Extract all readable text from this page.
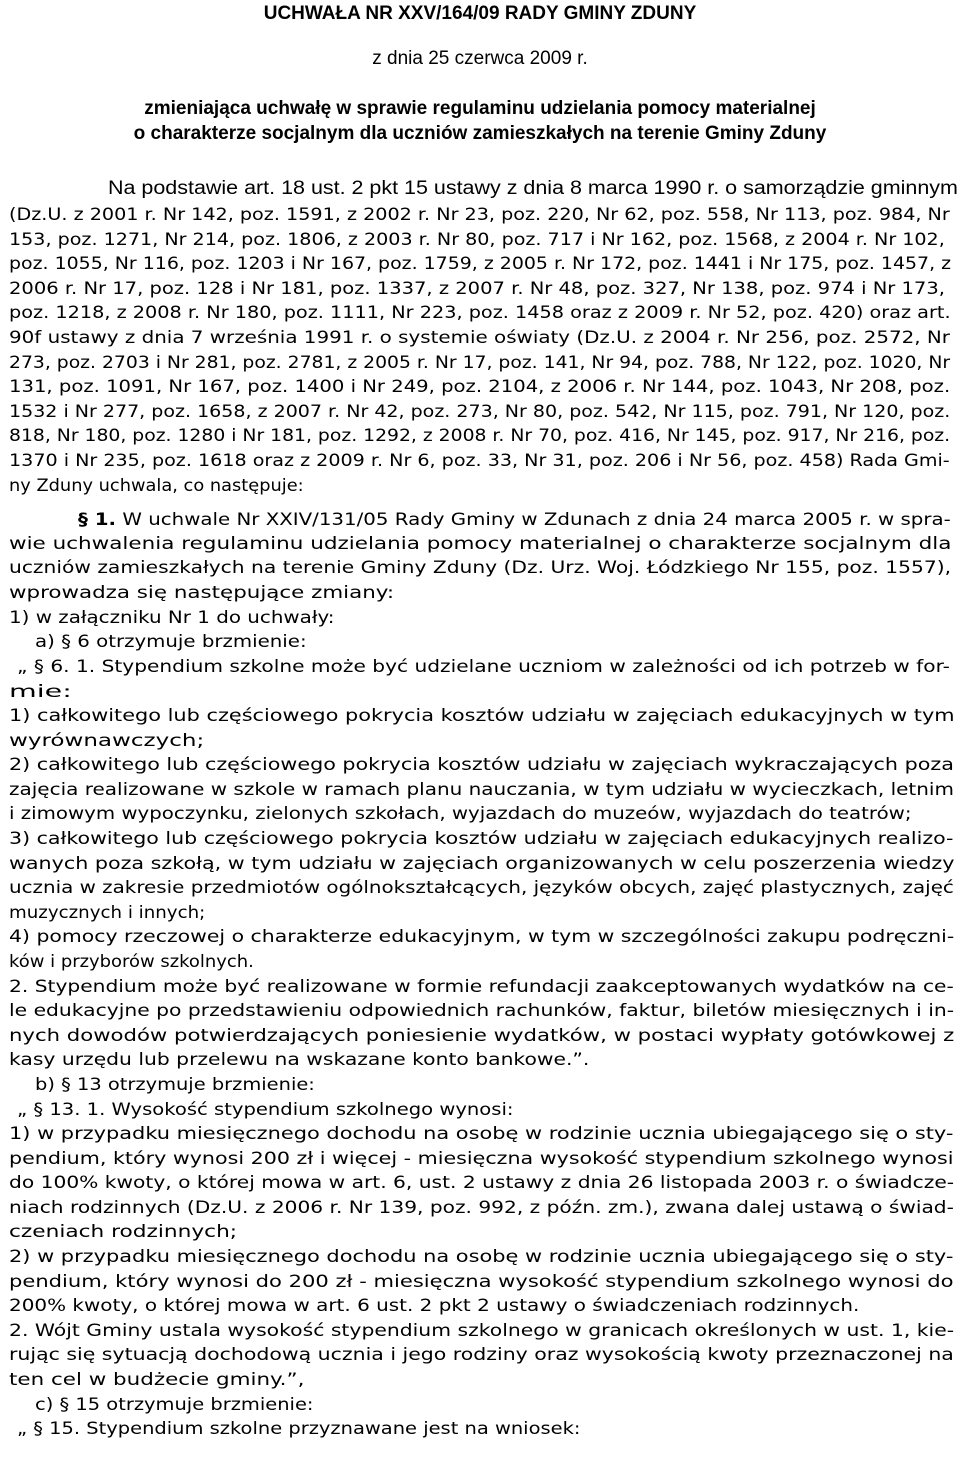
UCHWAŁA NR XXV/164/09 RADY GMINY ZDUNY
z dnia 25 czerwca 2009 r.
zmieniająca uchwałę w sprawie regulaminu udzielania pomocy materialnej
o charakterze socjalnym dla uczniów zamieszkałych na terenie Gminy Zduny
Na podstawie art. 18 ust. 2 pkt 15 ustawy z dnia 8 marca 1990 r. o samorządzie gminnym
(Dz.U. z 2001 r. Nr 142, poz. 1591, z 2002 r. Nr 23, poz. 220, Nr 62, poz. 558, Nr 113, poz. 984, Nr
153, poz. 1271, Nr 214, poz. 1806, z 2003 r. Nr 80, poz. 717 i Nr 162, poz. 1568, z 2004 r. Nr 102,
poz. 1055, Nr 116, poz. 1203 i Nr 167, poz. 1759, z 2005 r. Nr 172, poz. 1441 i Nr 175, poz. 1457, z
2006 r. Nr 17, poz. 128 i Nr 181, poz. 1337, z 2007 r. Nr 48, poz. 327, Nr 138, poz. 974 i Nr 173,
poz. 1218, z 2008 r. Nr 180, poz. 1111, Nr 223, poz. 1458 oraz z 2009 r. Nr 52, poz. 420) oraz art.
90f ustawy z dnia 7 września 1991 r. o systemie oświaty (Dz.U. z 2004 r. Nr 256, poz. 2572, Nr
273, poz. 2703 i Nr 281, poz. 2781, z 2005 r. Nr 17, poz. 141, Nr 94, poz. 788, Nr 122, poz. 1020, Nr
131, poz. 1091, Nr 167, poz. 1400 i Nr 249, poz. 2104, z 2006 r. Nr 144, poz. 1043, Nr 208, poz.
1532 i Nr 277, poz. 1658, z 2007 r. Nr 42, poz. 273, Nr 80, poz. 542, Nr 115, poz. 791, Nr 120, poz.
818, Nr 180, poz. 1280 i Nr 181, poz. 1292, z 2008 r. Nr 70, poz. 416, Nr 145, poz. 917, Nr 216, poz.
1370 i Nr 235, poz. 1618 oraz z 2009 r. Nr 6, poz. 33, Nr 31, poz. 206 i Nr 56, poz. 458) Rada Gmi-
ny Zduny uchwala, co następuje:
§ 1. W uchwale Nr XXIV/131/05 Rady Gminy w Zdunach z dnia 24 marca 2005 r. w spra-
wie uchwalenia regulaminu udzielania pomocy materialnej o charakterze socjalnym dla
uczniów zamieszkałych na terenie Gminy Zduny (Dz. Urz. Woj. Łódzkiego Nr 155, poz. 1557),
wprowadza się następujące zmiany:
1) w załączniku Nr 1 do uchwały:
a) § 6 otrzymuje brzmienie:
„ § 6. 1. Stypendium szkolne może być udzielane uczniom w zależności od ich potrzeb w for-
mie:
1) całkowitego lub częściowego pokrycia kosztów udziału w zajęciach edukacyjnych w tym
wyrównawczych;
2) całkowitego lub częściowego pokrycia kosztów udziału w zajęciach wykraczających poza
zajęcia realizowane w szkole w ramach planu nauczania, w tym udziału w wycieczkach, letnim
i zimowym wypoczynku, zielonych szkołach, wyjazdach do muzeów, wyjazdach do teatrów;
3) całkowitego lub częściowego pokrycia kosztów udziału w zajęciach edukacyjnych realizo-
wanych poza szkołą, w tym udziału w zajęciach organizowanych w celu poszerzenia wiedzy
ucznia w zakresie przedmiotów ogólnokształcących, języków obcych, zajęć plastycznych, zajęć
muzycznych i innych;
4) pomocy rzeczowej o charakterze edukacyjnym, w tym w szczególności zakupu podręczni-
ków i przyborów szkolnych.
2. Stypendium może być realizowane w formie refundacji zaakceptowanych wydatków na ce-
le edukacyjne po przedstawieniu odpowiednich rachunków, faktur, biletów miesięcznych i in-
nych dowodów potwierdzających poniesienie wydatków, w postaci wypłaty gotówkowej z
kasy urzędu lub przelewu na wskazane konto bankowe.”.
b) § 13 otrzymuje brzmienie:
„ § 13. 1. Wysokość stypendium szkolnego wynosi:
1) w przypadku miesięcznego dochodu na osobę w rodzinie ucznia ubiegającego się o sty-
pendium, który wynosi 200 zł i więcej - miesięczna wysokość stypendium szkolnego wynosi
do 100% kwoty, o której mowa w art. 6, ust. 2 ustawy z dnia 26 listopada 2003 r. o świadcze-
niach rodzinnych (Dz.U. z 2006 r. Nr 139, poz. 992, z późn. zm.), zwana dalej ustawą o świad-
czeniach rodzinnych;
2) w przypadku miesięcznego dochodu na osobę w rodzinie ucznia ubiegającego się o sty-
pendium, który wynosi do 200 zł - miesięczna wysokość stypendium szkolnego wynosi do
200% kwoty, o której mowa w art. 6 ust. 2 pkt 2 ustawy o świadczeniach rodzinnych.
2. Wójt Gminy ustala wysokość stypendium szkolnego w granicach określonych w ust. 1, kie-
rując się sytuacją dochodową ucznia i jego rodziny oraz wysokością kwoty przeznaczonej na
ten cel w budżecie gminy.”,
c) § 15 otrzymuje brzmienie:
„ § 15. Stypendium szkolne przyznawane jest na wniosek:
